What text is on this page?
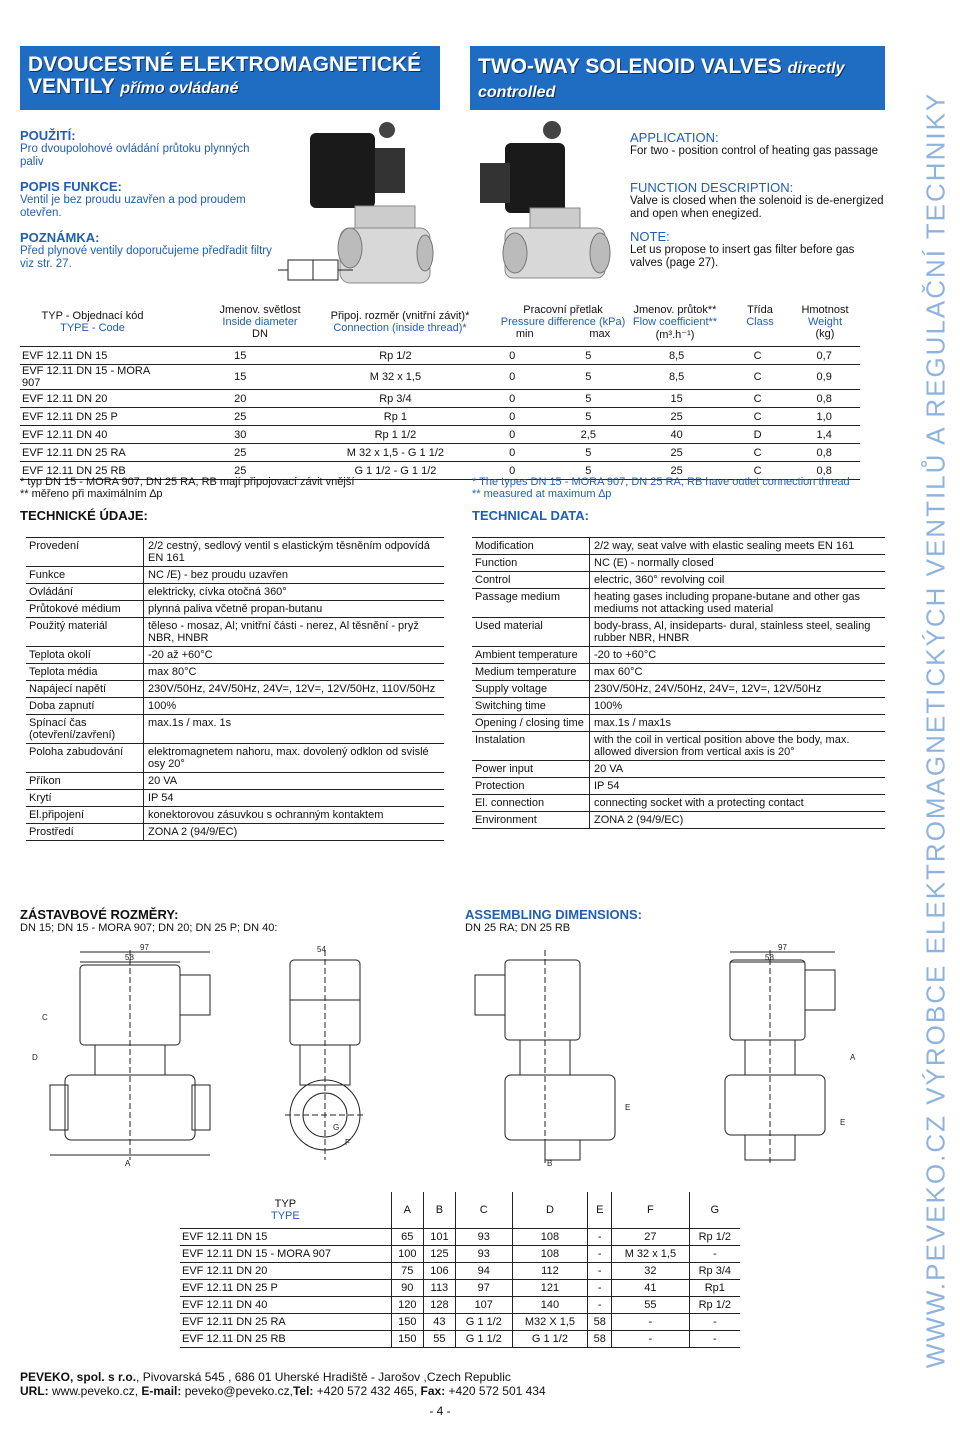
DVOUCESTNÉ ELEKTROMAGNETICKÉ
VENTILY přímo ovládané
TWO-WAY SOLENOID VALVES directly
controlled
POUŽITÍ:
Pro dvoupolohové ovládání průtoku plynných paliv
POPIS FUNKCE:
Ventil je bez proudu uzavřen a pod proudem otevřen.
POZNÁMKA:
Před plynové ventily doporučujeme předřadit filtry viz str. 27.
APPLICATION:
For two - position control of heating gas passage
FUNCTION DESCRIPTION:
Valve is closed when the solenoid is de-energized and open when enegized.
NOTE:
Let us propose to insert gas filter before gas valves (page 27).
TYP - Objednací kód
TYPE - Code
Jmenov. světlost
Inside diameter
DN
Připoj. rozměr (vnitřní závit)*
Connection (inside thread)*
Pracovní přetlak
Pressure difference (kPa)
min	max
Jmenov. průtok**
Flow coefficient**
(m³.h⁻¹)
Třída
Class
Hmotnost
Weight
(kg)
EVF 12.11 DN 15	15	Rp 1/2	0	5	8,5	C	0,7
EVF 12.11 DN 15 - MORA 907	15	M 32 x 1,5	0	5	8,5	C	0,9
EVF 12.11 DN 20	20	Rp 3/4	0	5	15	C	0,8
EVF 12.11 DN 25 P	25	Rp 1	0	5	25	C	1,0
EVF 12.11 DN 40	30	Rp 1 1/2	0	2,5	40	D	1,4
EVF 12.11 DN 25 RA	25	M 32 x 1,5 - G 1 1/2	0	5	25	C	0,8
EVF 12.11 DN 25 RB	25	G 1 1/2 - G 1 1/2	0	5	25	C	0,8
* typ DN 15 - MORA 907, DN 25 RA, RB mají připojovací závit vnější
** měřeno při maximálním ∆p
TECHNICKÉ ÚDAJE:
* The types DN 15 - MORA 907, DN 25 RA, RB have outlet connection thread
** measured at maximum ∆p
TECHNICAL DATA:
Provedení	2/2 cestný, sedlový ventil s elastickým těsněním odpovídá EN 161
Funkce	NC /E) - bez proudu uzavřen
Ovládání	elektricky, cívka otočná 360°
Průtokové médium	plynná paliva včetně propan-butanu
Použitý materiál	těleso - mosaz, Al; vnitřní části - nerez, Al těsnění - pryž NBR, HNBR
Teplota okolí	-20 až +60°C
Teplota média	max 80°C
Napájecí napětí	230V/50Hz, 24V/50Hz, 24V=, 12V=, 12V/50Hz, 110V/50Hz
Doba zapnutí	100%
Spínací čas (otevření/zavření)
max.1s / max. 1s
Poloha zabudování	elektromagnetem nahoru, max. dovolený odklon od svislé osy 20°
Příkon	20 VA
Krytí	IP 54
El.připojení	konektorovou zásuvkou s ochranným kontaktem
Prostředí	ZONA 2 (94/9/EC)
Modification	2/2 way, seat valve with elastic sealing meets EN 161
Function	NC (E) - normally closed
Control	electric, 360° revolving coil
Passage medium	heating gases including propane-butane and other gas mediums not attacking used material
Used material	body-brass, Al, insideparts- dural, stainless steel, sealing rubber NBR, HNBR
Ambient temperature	-20 to +60°C
Medium temperature	max 60°C
Supply voltage	230V/50Hz, 24V/50Hz, 24V=, 12V=, 12V/50Hz
Switching time	100%
Opening / closing time max.1s / max1s
Instalation	with the coil in vertical position above the body, max. allowed diversion from vertical axis is 20°
Power input	20 VA
Protection	IP 54
El. connection	connecting socket with a protecting contact
Environment	ZONA 2 (94/9/EC)
ZÁSTAVBOVÉ ROZMĚRY:
DN 15; DN 15 - MORA 907; DN 20; DN 25 P; DN 40:
ASSEMBLING DIMENSIONS:
DN 25 RA; DN 25 RB
97
58
A
D
C
54
G
F
B
E
97
58
A
E
TYP
TYPE	A	B	C	D	E	F	G
EVF 12.11 DN 15	65	101	93	108	-	27	Rp 1/2
EVF 12.11 DN 15 - MORA 907	100	125	93	108	-	M 32 x 1,5	-
EVF 12.11 DN 20	75	106	94	112	-	32	Rp 3/4
EVF 12.11 DN 25 P	90	113	97	121	-	41	Rp1
EVF 12.11 DN 40	120	128	107	140	-	55	Rp 1/2
EVF 12.11 DN 25 RA	150	43	G 1 1/2	M32 X 1,5	58	-	-
EVF 12.11 DN 25 RB	150	55	G 1 1/2	G 1 1/2	58	-	-
PEVEKO, spol. s r.o., Pivovarská 545 , 686 01 Uherské Hradiště - Jarošov ,Czech Republic
URL: www.peveko.cz, E-mail: peveko@peveko.cz,Tel: +420 572 432 465, Fax: +420 572 501 434
- 4 -
WWW.PEVEKO.CZ VÝROBCE ELEKTROMAGNETICKÝCH VENTILŮ A REGULAČNÍ TECHNIKY
